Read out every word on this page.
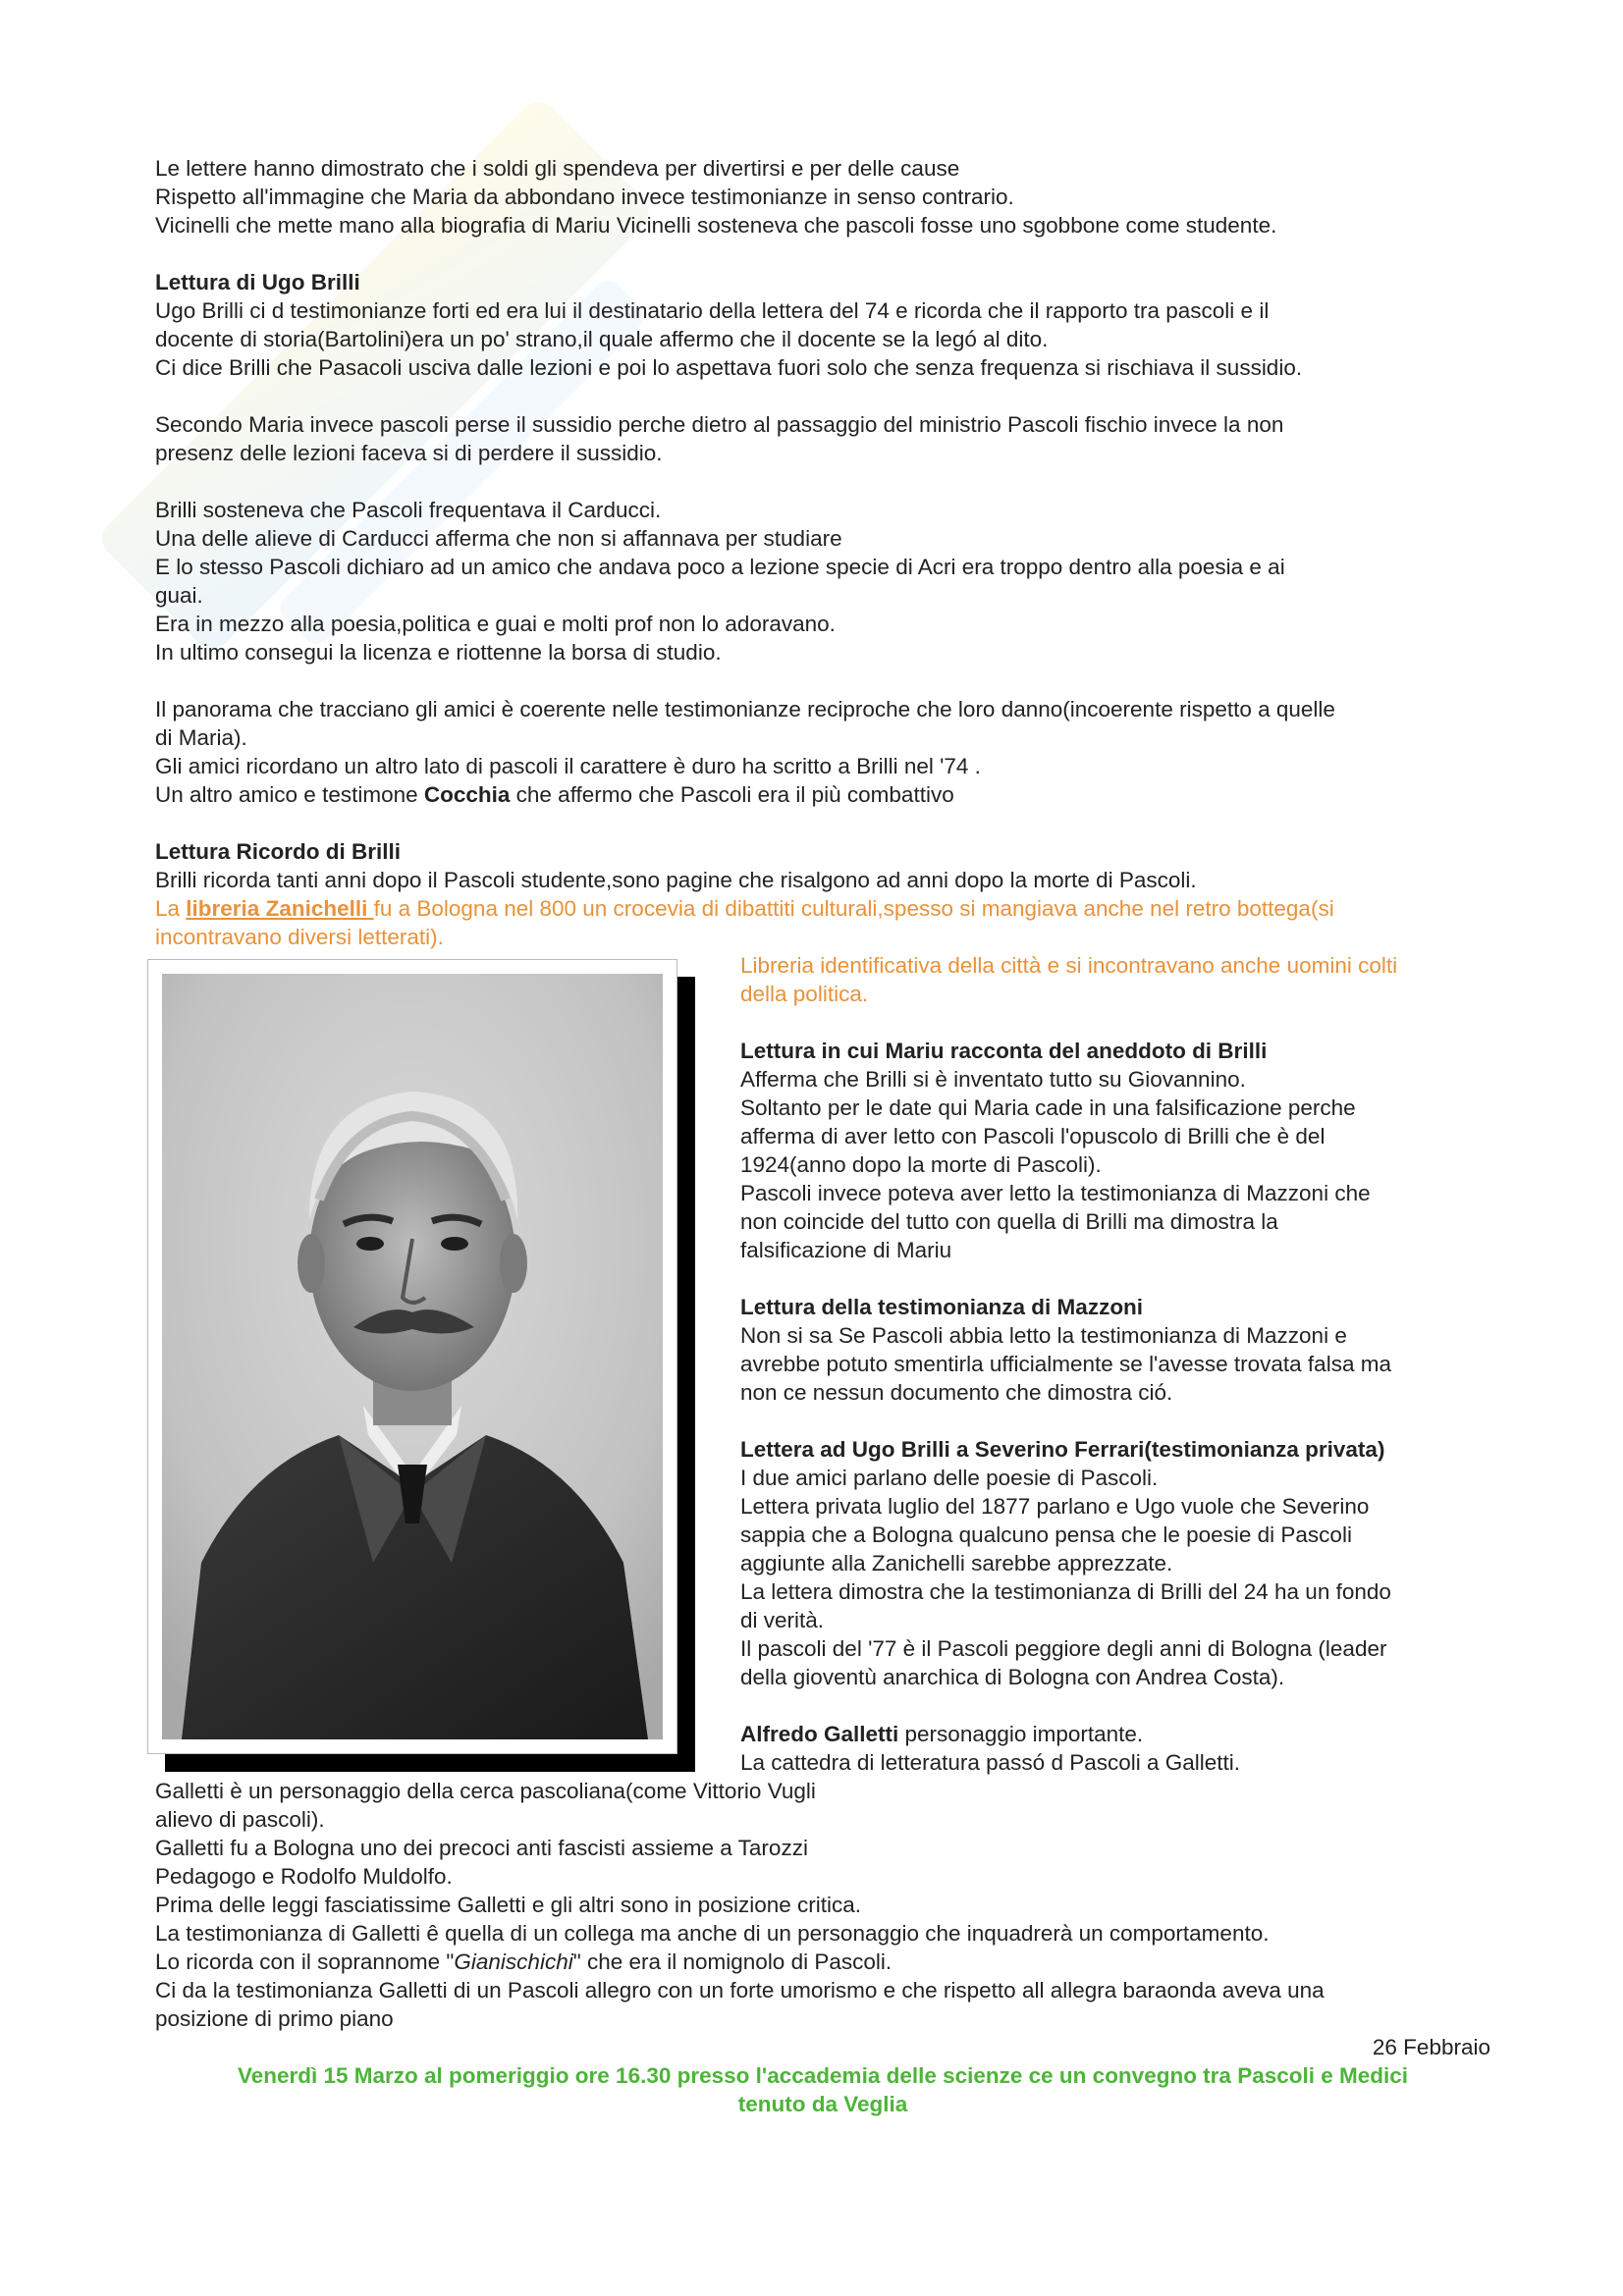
Le lettere hanno dimostrato che i soldi gli spendeva per divertirsi e per delle cause

Rispetto all'immagine che Maria da abbondano invece testimonianze in senso contrario.

Vicinelli che mette mano alla biografia di Mariu Vicinelli sosteneva che pascoli fosse uno sgobbone come studente.

Lettura di Ugo Brilli

Ugo Brilli ci d testimonianze forti ed era lui il destinatario della lettera del 74 e ricorda che il rapporto tra pascoli e il

docente di storia(Bartolini)era un po' strano,il quale affermo che il docente se la legó al dito.

Ci dice Brilli che Pasacoli usciva dalle lezioni e poi lo aspettava fuori solo che senza frequenza si rischiava il sussidio.

Secondo Maria invece pascoli perse il sussidio perche dietro al passaggio del ministrio Pascoli fischio invece la non

presenz delle lezioni faceva si di perdere il sussidio.

Brilli sosteneva che Pascoli frequentava il Carducci.

Una delle alieve di Carducci afferma che non si affannava per studiare

E lo stesso Pascoli dichiaro ad un amico che andava poco a lezione specie di Acri era troppo dentro alla poesia e ai

guai.

Era in mezzo alla poesia,politica e guai e molti prof non lo adoravano.

In ultimo consegui la licenza e riottenne la borsa di studio.

Il panorama che tracciano gli amici è coerente nelle testimonianze reciproche che loro danno(incoerente rispetto a quelle

di Maria).

Gli amici ricordano un altro lato di pascoli il carattere è duro ha scritto a Brilli nel '74 .

Un altro amico e testimone Cocchia che affermo che Pascoli era il più combattivo

Lettura Ricordo di Brilli

Brilli ricorda tanti anni dopo il Pascoli studente,sono pagine che risalgono ad anni dopo la morte di Pascoli.

La libreria Zanichelli fu a Bologna nel 800 un crocevia di dibattiti culturali,spesso si mangiava anche nel retro bottega(si

incontravano diversi letterati).

Libreria identificativa della città e si incontravano anche uomini colti

della politica.

Lettura in cui Mariu racconta del aneddoto di Brilli

Afferma che Brilli si è inventato tutto su Giovannino.

Soltanto per le date qui Maria cade in una falsificazione perche

afferma di aver letto con Pascoli l'opuscolo di Brilli che è del

1924(anno dopo la morte di Pascoli).

Pascoli invece poteva aver letto la testimonianza di Mazzoni che

non coincide del tutto con quella di Brilli ma dimostra la

falsificazione di Mariu

Lettura della testimonianza di Mazzoni

Non si sa Se Pascoli abbia letto la testimonianza di Mazzoni e

avrebbe potuto smentirla ufficialmente se l'avesse trovata falsa ma

non ce nessun documento che dimostra ció.

Lettera ad Ugo Brilli a Severino Ferrari(testimonianza privata)

I due amici parlano delle poesie di Pascoli.

Lettera privata luglio del 1877 parlano e Ugo vuole che Severino

sappia che a Bologna qualcuno pensa che le poesie di Pascoli

aggiunte alla Zanichelli sarebbe apprezzate.

La lettera dimostra che la testimonianza di Brilli del 24 ha un fondo

di verità.

Il pascoli del '77 è il Pascoli peggiore degli anni di Bologna (leader

della gioventù anarchica di Bologna con Andrea Costa).

Alfredo Galletti personaggio importante.

La cattedra di letteratura passó d Pascoli a Galletti.

Galletti è un personaggio della cerca pascoliana(come Vittorio Vugli

alievo di pascoli).

Galletti fu a Bologna uno dei precoci anti fascisti assieme a Tarozzi

Pedagogo e Rodolfo Muldolfo.

Prima delle leggi fasciatissime Galletti e gli altri sono in posizione critica.

La testimonianza di Galletti ê quella di un collega ma anche di un personaggio che inquadrerà un comportamento.

Lo ricorda con il soprannome "Gianischichi" che era il nomignolo di Pascoli.

Ci da la testimonianza Galletti di un Pascoli allegro con un forte umorismo e che rispetto all allegra baraonda aveva una

posizione di primo piano

26 Febbraio

Venerdì 15 Marzo al pomeriggio ore 16.30 presso l'accademia delle scienze ce un convegno tra Pascoli e Medici

tenuto da Veglia
